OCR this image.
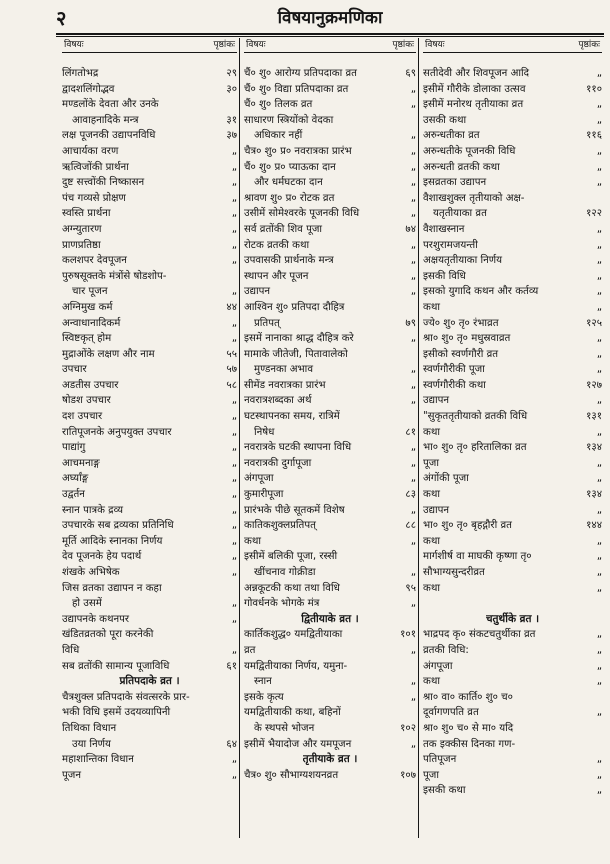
२	विषयानुक्रमणिका
विषयः	पृष्ठांकः
लिंगतोभद्र	२९
द्वादशलिंगोद्भव	३०
मण्डलोंके देवता और उनके
आवाहनादिके मन्त्र	३१
लक्ष पूजनकी उद्यापनविधि	३७
आचार्यका वरण	„
ऋत्विजोंकी प्रार्थना	„
दुष्ट सत्त्वोंकी निष्कासन	„
पंच गव्यसे प्रोक्षण	„
स्वस्ति प्रार्थना	„
अग्न्युतारण	„
प्राणप्रतिष्ठा	„
कलशपर देवपूजन	„
पुरुषसूक्तके मंत्रोंसे षोडशोप-
चार पूजन	„
अग्निमुख कर्म	४४
अन्वाधानादिकर्म	„
स्विष्टकृत् होम	„
मुद्राओंके लक्षण और नाम	५५
उपचार	५७
अडतीस उपचार	५८
षोडश उपचार	„
दश उपचार	„
रातिपूजनके अनुपयुक्त उपचार	„
पाद्यांगु	„
आचमनाङ्ग	„
अर्घ्यांङ्ग	„
उद्वर्तन	„
स्नान पात्रके द्रव्य	„
उपचारके सब द्रव्यका प्रतिनिधि	„
मूर्ति आदिके स्नानका निर्णय	„
देव पूजनके हेय पदार्थ	„
शंखके अभिषेक	„
जिस व्रतका उद्यापन न कहा
हो उसमें	„
उद्यापनके कथनपर	„
खंडितव्रतको पूरा करनेकी
विधि	„
सब व्रतोंकी सामान्य पूजाविधि	६१
प्रतिपदाके व्रत ।
चैत्रशुक्ल प्रतिपदाके संवत्सरके प्रार-
भकी विधि इसमें उदयव्यापिनी
तिथिका विधान
उया निर्णय	६४
महाशान्तिका विधान	„
पूजन	„
विषयः	पृष्ठांकः
चैं० शु० आरोग्य प्रतिपदाका व्रत	६९
चैं० शु० विद्या प्रतिपदाका व्रत	„
चैं० शु० तिलक व्रत	„
साधारण स्त्रियोंको वेदका
अधिकार नहीं	„
चैत्र० शु० प्र० नवरात्रका प्रारंभ	„
चैं० शु० प्र० प्याऊका दान	„
और धर्मघटका दान	„
श्रावण शु० प्र० रोटक व्रत	„
उसीमें सोमेश्वरके पूजनकी विधि	„
सर्व व्रतोंकी शिव पूजा	७४
रोटक व्रतकी कथा	„
उपवासकी प्रार्थनाके मन्त्र	„
स्थापन और पूजन	„
उद्यापन	„
आश्विन शु० प्रतिपदा दौहित्र
प्रतिपत्	७९
इसमें नानाका श्राद्ध दौहित्र करे	„
मामाके जीतेजी, पितावालेको
मुण्डनका अभाव	„
सीमेंड नवरात्रका प्रारंभ	„
नवरात्रशब्दका अर्थ	„
घटस्थापनका समय, रात्रिमें
निषेध	८१
नवरात्रके घटकी स्थापना विधि	„
नवरात्रकी दुर्गापूजा	„
अंगपूजा	„
कुमारीपूजा	८३
प्रारंभके पीछे सूतकमें विशेष	„
कातिकशुक्लप्रतिपत्	८८
कथा	„
इसीमें बलिकी पूजा, रस्सी
खींचनाव गोक्रीडा	„
अन्नकूटकी कथा तथा विधि	९५
गोवर्धनके भोगके मंत्र	„
द्वितीयाके व्रत ।
कार्तिकशुद्ध० यमद्वितीयाका	१०१
व्रत	„
यमद्वितीयाका निर्णय, यमुना-
स्नान	„
इसके कृत्य	„
यमद्वितीयाकी कथा, बहिनों
के स्थपसे भोजन	१०२
इसीमें भैयादोज और यमपूजन	„
तृतीयाके व्रत ।
चैत्र० शु० सौभाग्यशयनव्रत	१०७
विषयः	पृष्ठांकः
सतीदेवी और शिवपूजन आदि	„
इसीमें गौरीके डोलाका उत्सव	११०
इसीमें मनोरथ तृतीयाका व्रत	„
उसकी कथा	„
अरुन्धतीका व्रत	११६
अरुन्धतीके पूजनकी विधि	„
अरुन्धती व्रतकी कथा	„
इसव्रतका उद्यापन	„
वैशाखशुक्ल तृतीयाको अक्ष-
यतृतीयाका व्रत	१२२
वैशाखस्नान	„
परशुरामजयन्ती	„
अक्षयतृतीयाका निर्णय	„
इसकी विधि	„
इसको युगादि कथन और कर्तव्य	„
कथा	„
ज्ये० शु० तृ० रंभाव्रत	१२५
श्रा० शु० तृ० मधुस्रवाव्रत	„
इसीको स्वर्णगौरी व्रत	„
स्वर्णगौरीकी पूजा	„
स्वर्णगौरीकी कथा	१२७
उद्यापन	„
"सुकृततृतीयाको व्रतकी विधि	१३१
कथा	„
भा० शु० तृ० हरितालिका व्रत	१३४
पूजा	„
अंगोंकी पूजा	„
कथा	१३४
उद्यापन	„
भा० शु० तृ० बृहद्गौरी व्रत	१४४
कथा	„
मार्गशीर्ष वा माघकी कृष्णा तृ०	„
सौभाग्यसुन्दरीव्रत	„
कथा	„
चतुर्थीके व्रत ।
भाद्रपद कृ० संकटचतुर्थीका व्रत	„
व्रतकी विधि:	„
अंगपूजा	„
कथा	„
श्रा० वा० कार्ति० शु० च०
दूर्वागणपति व्रत	„
श्रा० शु० च० से मा० यदि
तक इक्कीस दिनका गण-
पतिपूजन	„
पूजा	„
इसकी कथा	„
